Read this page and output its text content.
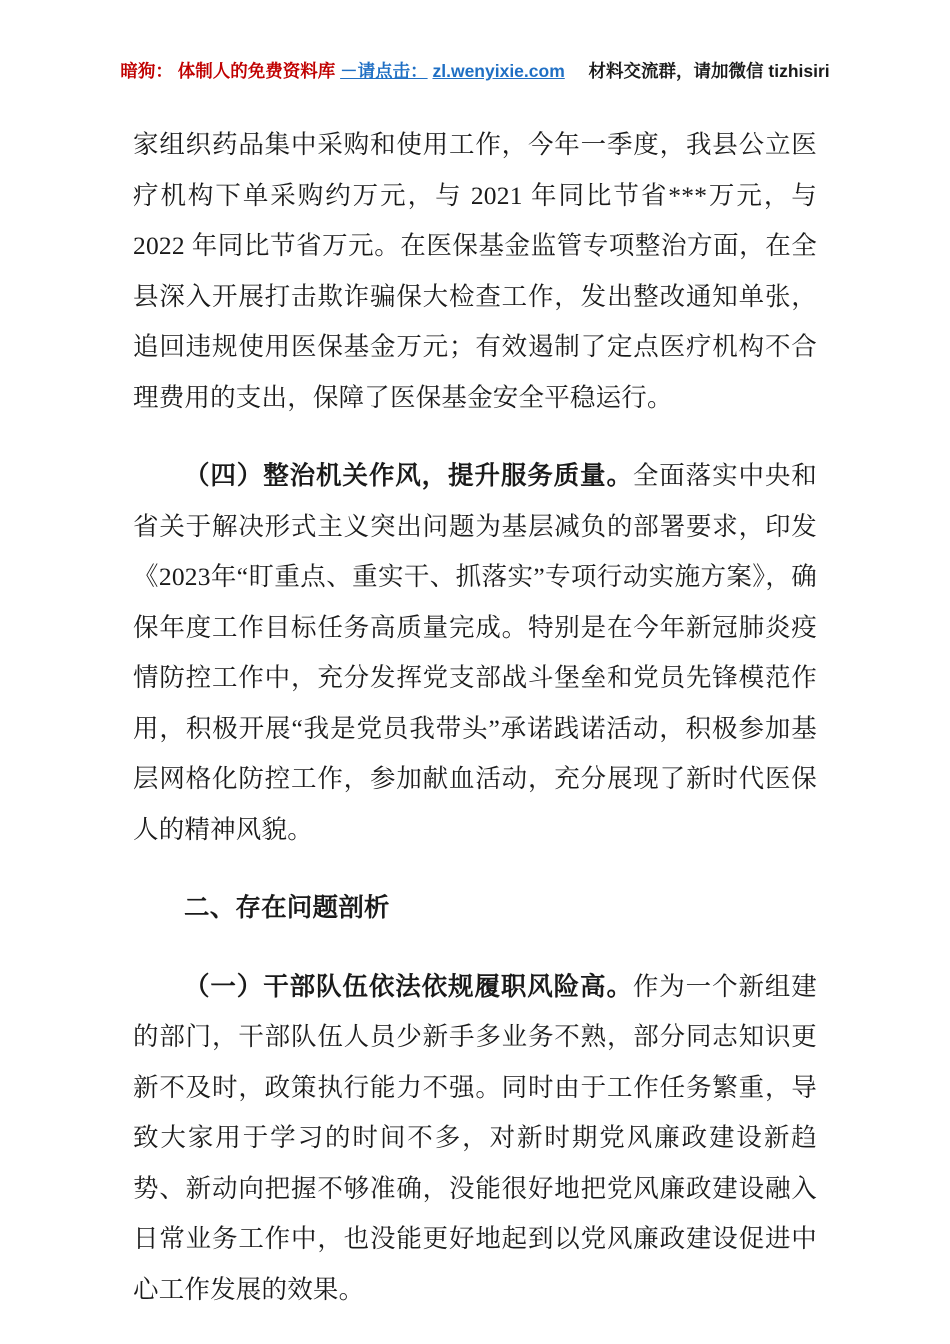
暗狗： 体制人的免费资料库 －请点击： zl.wenyixie.com 材料交流群，请加微信 tizhisiri

家组织药品集中采购和使用工作，今年一季度，我县公立医疗机构下单采购约万元，与 2021 年同比节省***万元，与 2022 年同比节省万元。在医保基金监管专项整治方面，在全县深入开展打击欺诈骗保大检查工作，发出整改通知单张，追回违规使用医保基金万元；有效遏制了定点医疗机构不合理费用的支出，保障了医保基金安全平稳运行。

（四）整治机关作风，提升服务质量。全面落实中央和省关于解决形式主义突出问题为基层减负的部署要求，印发《2023年“盯重点、重实干、抓落实”专项行动实施方案》，确保年度工作目标任务高质量完成。特别是在今年新冠肺炎疫情防控工作中，充分发挥党支部战斗堡垒和党员先锋模范作用，积极开展“我是党员我带头”承诺践诺活动，积极参加基层网格化防控工作，参加献血活动，充分展现了新时代医保人的精神风貌。

二、存在问题剖析

（一）干部队伍依法依规履职风险高。作为一个新组建的部门，干部队伍人员少新手多业务不熟，部分同志知识更新不及时，政策执行能力不强。同时由于工作任务繁重，导致大家用于学习的时间不多，对新时期党风廉政建设新趋势、新动向把握不够准确，没能很好地把党风廉政建设融入日常业务工作中，也没能更好地起到以党风廉政建设促进中心工作发展的效果。
